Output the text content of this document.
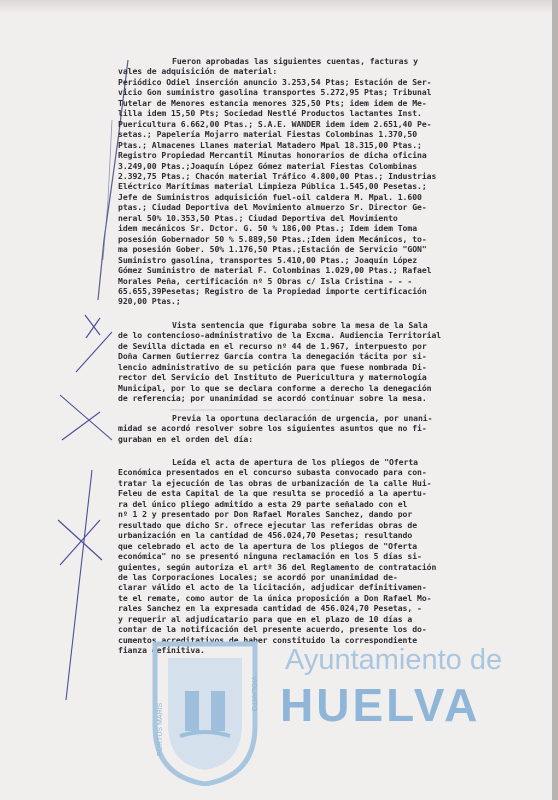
Fueron aprobadas las siguientes cuentas, facturas y
vales de adquisición de material:
Periódico Odiel inserción anuncio 3.253,54 Ptas; Estación de Ser-
vicio Gon suministro gasolina transportes 5.272,95 Ptas; Tribunal
Tutelar de Menores estancia menores 325,50 Pts; idem idem de Me-
lilla idem 15,50 Pts; Sociedad Nestlé Productos lactantes Inst.
Puericultura 6.662,00 Ptas.; S.A.E. WANDER idem idem 2.651,40 Pe-
setas.; Papelería Mojarro material Fiestas Colombinas 1.370,50
Ptas.; Almacenes Llanes material Matadero Mpal 18.315,00 Ptas.;
Registro Propiedad Mercantil Minutas honorarios de dicha oficina
3.249,00 Ptas.;Joaquín López Gómez material Fiestas Colombinas
2.392,75 Ptas.; Chacón material Tráfico 4.800,00 Ptas.; Industrias
Eléctrico Marítimas material Limpieza Pública 1.545,00 Pesetas.;
Jefe de Suministros adquisición fuel-oil caldera M. Mpal. 1.600
ptas.; Ciudad Deportiva del Movimiento almuerzo Sr. Director Ge-
neral 50% 10.353,50 Ptas.; Ciudad Deportiva del Movimiento
idem mecánicos Sr. Dctor. G. 50 % 186,00 Ptas.; Idem idem Toma
posesión Gobernador 50 % 5.889,50 Ptas.;Idem idem Mecánicos, to-
ma posesión Gober. 50% 1.176,50 Ptas.;Estación de Servicio "GON"
Suministro gasolina, transportes 5.410,00 Ptas.; Joaquín López
Gómez Suministro de material F. Colombinas 1.029,00 Ptas.; Rafael
Morales Peña, certificación nº 5 Obras c/ Isla Cristina - - -
65.655,39Pesetas; Registro de la Propiedad importe certificación
920,00 Ptas.;
Vista sentencia que figuraba sobre la mesa de la Sala
de lo contencioso-administrativo de la Excma. Audiencia Territorial
de Sevilla dictada en el recurso nº 44 de 1.967, interpuesto por
Doña Carmen Gutierrez García contra la denegación tácita por si-
lencio administrativo de su petición para que fuese nombrada Di-
rector del Servicio del Instituto de Puericultura y maternología
Municipal, por lo que se declara conforme a derecho la denegación
de referencia; por unanimidad se acordó continuar sobre la mesa.
Previa la oportuna declaración de urgencia, por unani-
midad se acordó resolver sobre los siguientes asuntos que no fi-
guraban en el orden del día:
Leída el acta de apertura de los pliegos de "Oferta
Económica presentados en el concurso subasta convocado para con-
tratar la ejecución de las obras de urbanización de la calle Hui-
Feleu de esta Capital de la que resulta se procedió a la apertu-
ra del único pliego admitido a esta 29 parte señalado con el
nº 1 2 y presentado por Don Rafael Morales Sanchez, dando por
resultado que dicho Sr. ofrece ejecutar las referidas obras de
urbanización en la cantidad de 456.024,70 Pesetas; resultando
que celebrado el acto de la apertura de los pliegos de "Oferta
económica" no se presentó ninguna reclamación en los 5 días si-
guientes, según autoriza el artº 36 del Reglamento de contratación
de las Corporaciones Locales; se acordó por unanimidad de-
clarar válido el acto de la licitación, adjudicar definitivamen-
te el remate, como autor de la única proposición a Don Rafael Mo-
rales Sanchez en la expresada cantidad de 456.024,70 Pesetas, -
y requerir al adjudicatario para que en el plazo de 10 días a
contar de la notificación del presente acuerdo, presente los do-
cumentos acreditativos de haber constituido la correspondiente
fianza definitiva.
PORTUS MARIS
VIOLANTO
Ayuntamiento de
HUELVA
